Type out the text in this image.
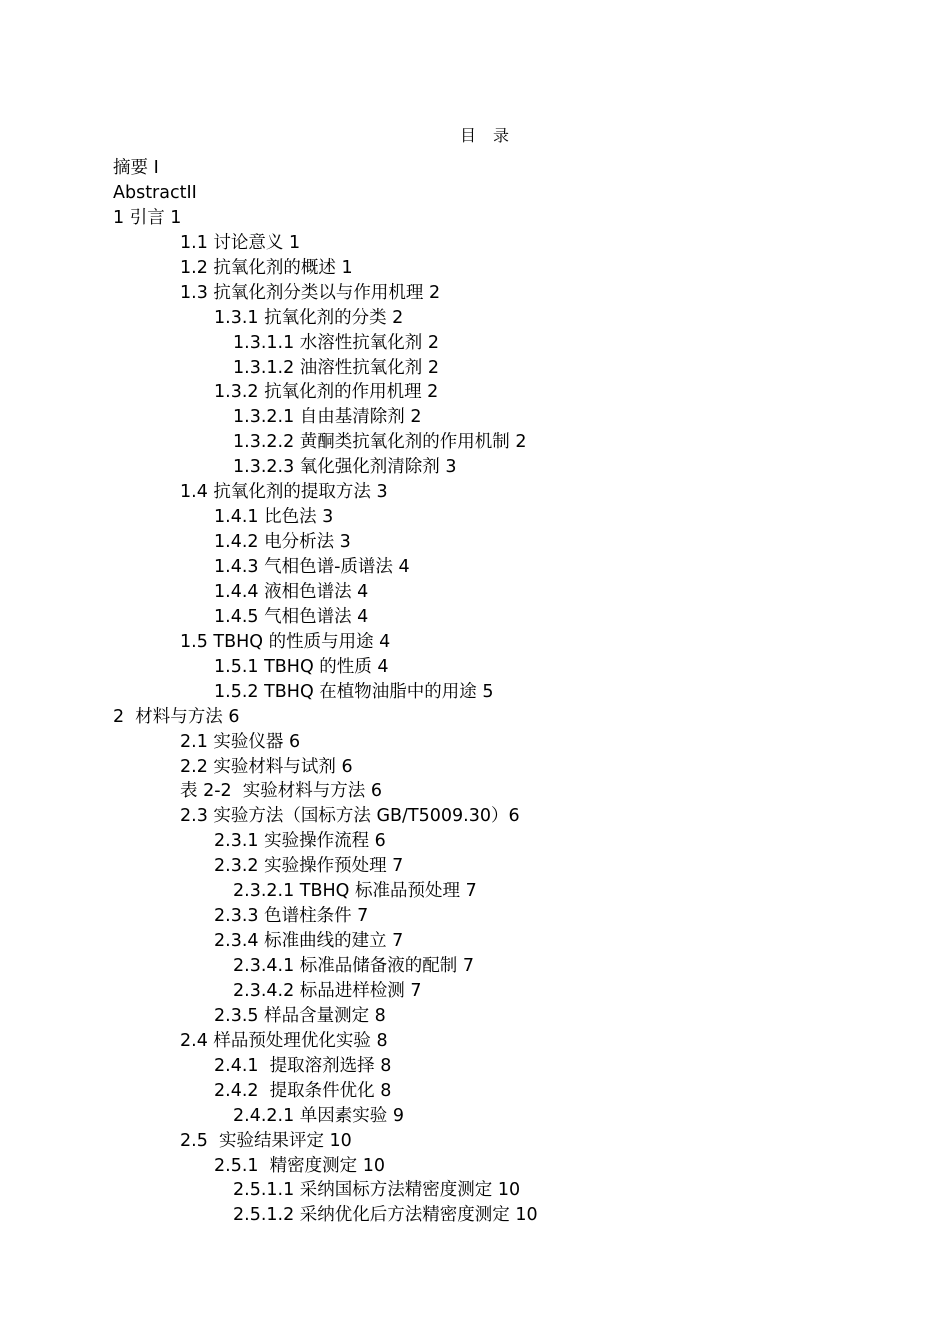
目 录
摘要 I
AbstractII
1 引言 1
1.1 讨论意义 1
1.2 抗氧化剂的概述 1
1.3 抗氧化剂分类以与作用机理 2
1.3.1 抗氧化剂的分类 2
1.3.1.1 水溶性抗氧化剂 2
1.3.1.2 油溶性抗氧化剂 2
1.3.2 抗氧化剂的作用机理 2
1.3.2.1 自由基清除剂 2
1.3.2.2 黄酮类抗氧化剂的作用机制 2
1.3.2.3 氧化强化剂清除剂 3
1.4 抗氧化剂的提取方法 3
1.4.1 比色法 3
1.4.2 电分析法 3
1.4.3 气相色谱-质谱法 4
1.4.4 液相色谱法 4
1.4.5 气相色谱法 4
1.5 TBHQ 的性质与用途 4
1.5.1 TBHQ 的性质 4
1.5.2 TBHQ 在植物油脂中的用途 5
2  材料与方法 6
2.1 实验仪器 6
2.2 实验材料与试剂 6
表 2-2  实验材料与方法 6
2.3 实验方法（国标方法 GB/T5009.30）6
2.3.1 实验操作流程 6
2.3.2 实验操作预处理 7
2.3.2.1 TBHQ 标准品预处理 7
2.3.3 色谱柱条件 7
2.3.4 标准曲线的建立 7
2.3.4.1 标准品储备液的配制 7
2.3.4.2 标品进样检测 7
2.3.5 样品含量测定 8
2.4 样品预处理优化实验 8
2.4.1  提取溶剂选择 8
2.4.2  提取条件优化 8
2.4.2.1 单因素实验 9
2.5  实验结果评定 10
2.5.1  精密度测定 10
2.5.1.1 采纳国标方法精密度测定 10
2.5.1.2 采纳优化后方法精密度测定 10
